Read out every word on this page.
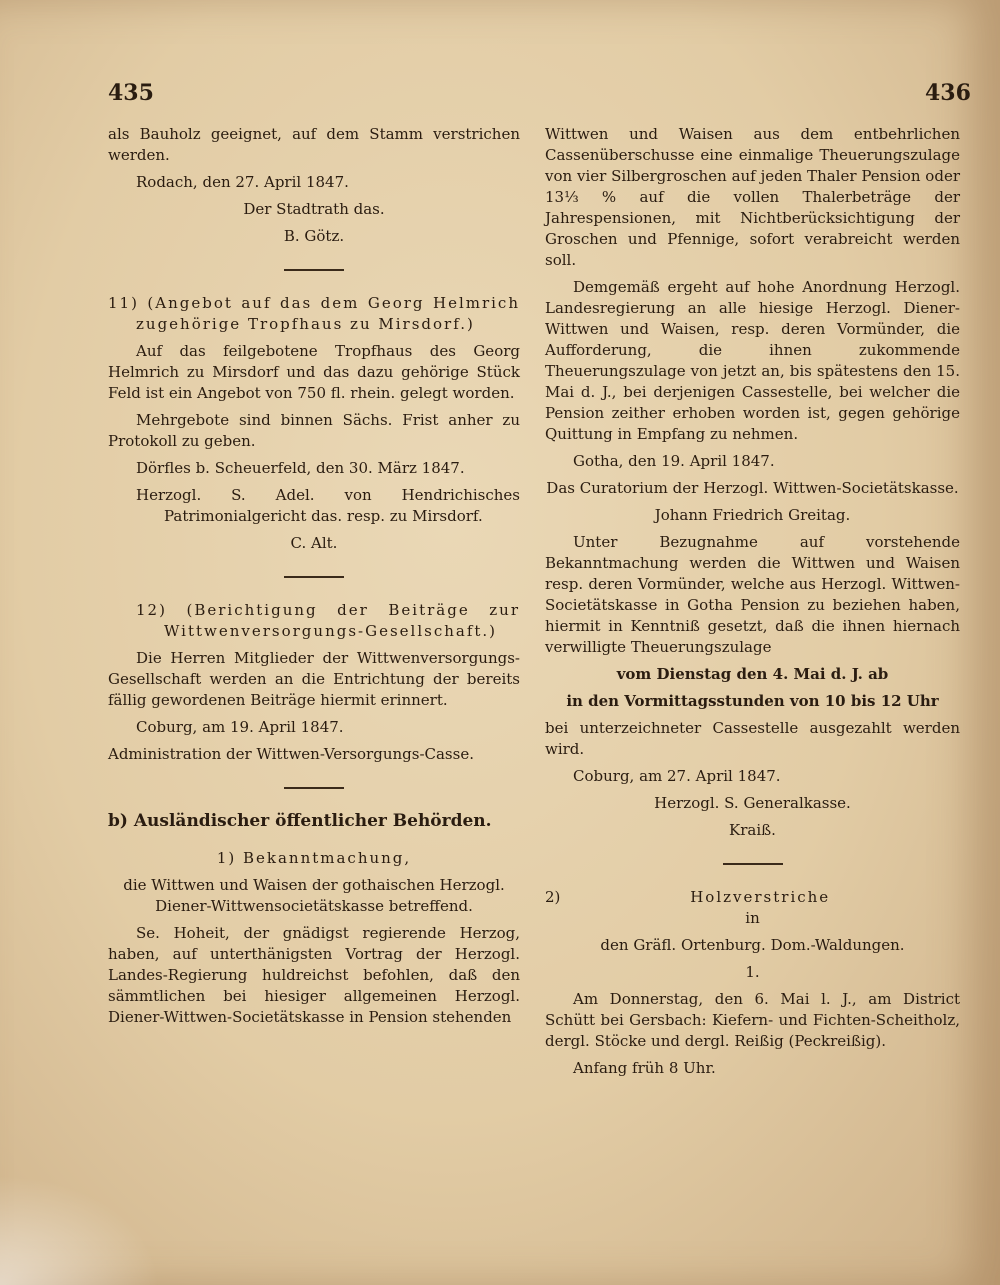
435	436

als Bauholz geeignet, auf dem Stamm verstrichen werden.

Rodach, den 27. April 1847.

Der Stadtrath das.

B. Götz.

11) (Angebot auf das dem Georg Helmrich zugehörige Tropfhaus zu Mirsdorf.)

Auf das feilgebotene Tropfhaus des Georg Helmrich zu Mirsdorf und das dazu gehörige Stück Feld ist ein Angebot von 750 fl. rhein. gelegt worden.

Mehrgebote sind binnen Sächs. Frist anher zu Protokoll zu geben.

Dörfles b. Scheuerfeld, den 30. März 1847.

Herzogl. S. Adel. von Hendrichisches Patrimonialgericht das. resp. zu Mirsdorf.

C. Alt.

12) (Berichtigung der Beiträge zur Wittwenversorgungs-Gesellschaft.)

Die Herren Mitglieder der Wittwenversorgungs-Gesellschaft werden an die Entrichtung der bereits fällig gewordenen Beiträge hiermit erinnert.

Coburg, am 19. April 1847.

Administration der Wittwen-Versorgungs-Casse.

b) Ausländischer öffentlicher Behörden.

1) Bekanntmachung,

die Wittwen und Waisen der gothaischen Herzogl. Diener-Wittwensocietätskasse betreffend.

Se. Hoheit, der gnädigst regierende Herzog, haben, auf unterthänigsten Vortrag der Herzogl. Landes-Regierung huldreichst befohlen, daß den sämmtlichen bei hiesiger allgemeinen Herzogl. Diener-Wittwen-Societätskasse in Pension stehenden

Wittwen und Waisen aus dem entbehrlichen Cassenüberschusse eine einmalige Theuerungszulage von vier Silbergroschen auf jeden Thaler Pension oder 13⅓ % auf die vollen Thalerbeträge der Jahrespensionen, mit Nichtberücksichtigung der Groschen und Pfennige, sofort verabreicht werden soll.

Demgemäß ergeht auf hohe Anordnung Herzogl. Landesregierung an alle hiesige Herzogl. Diener-Wittwen und Waisen, resp. deren Vormünder, die Aufforderung, die ihnen zukommende Theuerungszulage von jetzt an, bis spätestens den 15. Mai d. J., bei derjenigen Cassestelle, bei welcher die Pension zeither erhoben worden ist, gegen gehörige Quittung in Empfang zu nehmen.

Gotha, den 19. April 1847.

Das Curatorium der Herzogl. Wittwen-Societätskasse.

Johann Friedrich Greitag.

Unter Bezugnahme auf vorstehende Bekanntmachung werden die Wittwen und Waisen resp. deren Vormünder, welche aus Herzogl. Wittwen-Societätskasse in Gotha Pension zu beziehen haben, hiermit in Kenntniß gesetzt, daß die ihnen hiernach verwilligte Theuerungszulage

vom Dienstag den 4. Mai d. J. ab

in den Vormittagsstunden von 10 bis 12 Uhr

bei unterzeichneter Cassestelle ausgezahlt werden wird.

Coburg, am 27. April 1847.

Herzogl. S. Generalkasse.

Kraiß.

2)	Holzverstriche

in

den Gräfl. Ortenburg. Dom.-Waldungen.

1.

Am Donnerstag, den 6. Mai l. J., am District Schütt bei Gersbach: Kiefern- und Fichten-Scheitholz, dergl. Stöcke und dergl. Reißig (Peckreißig).

Anfang früh 8 Uhr.
